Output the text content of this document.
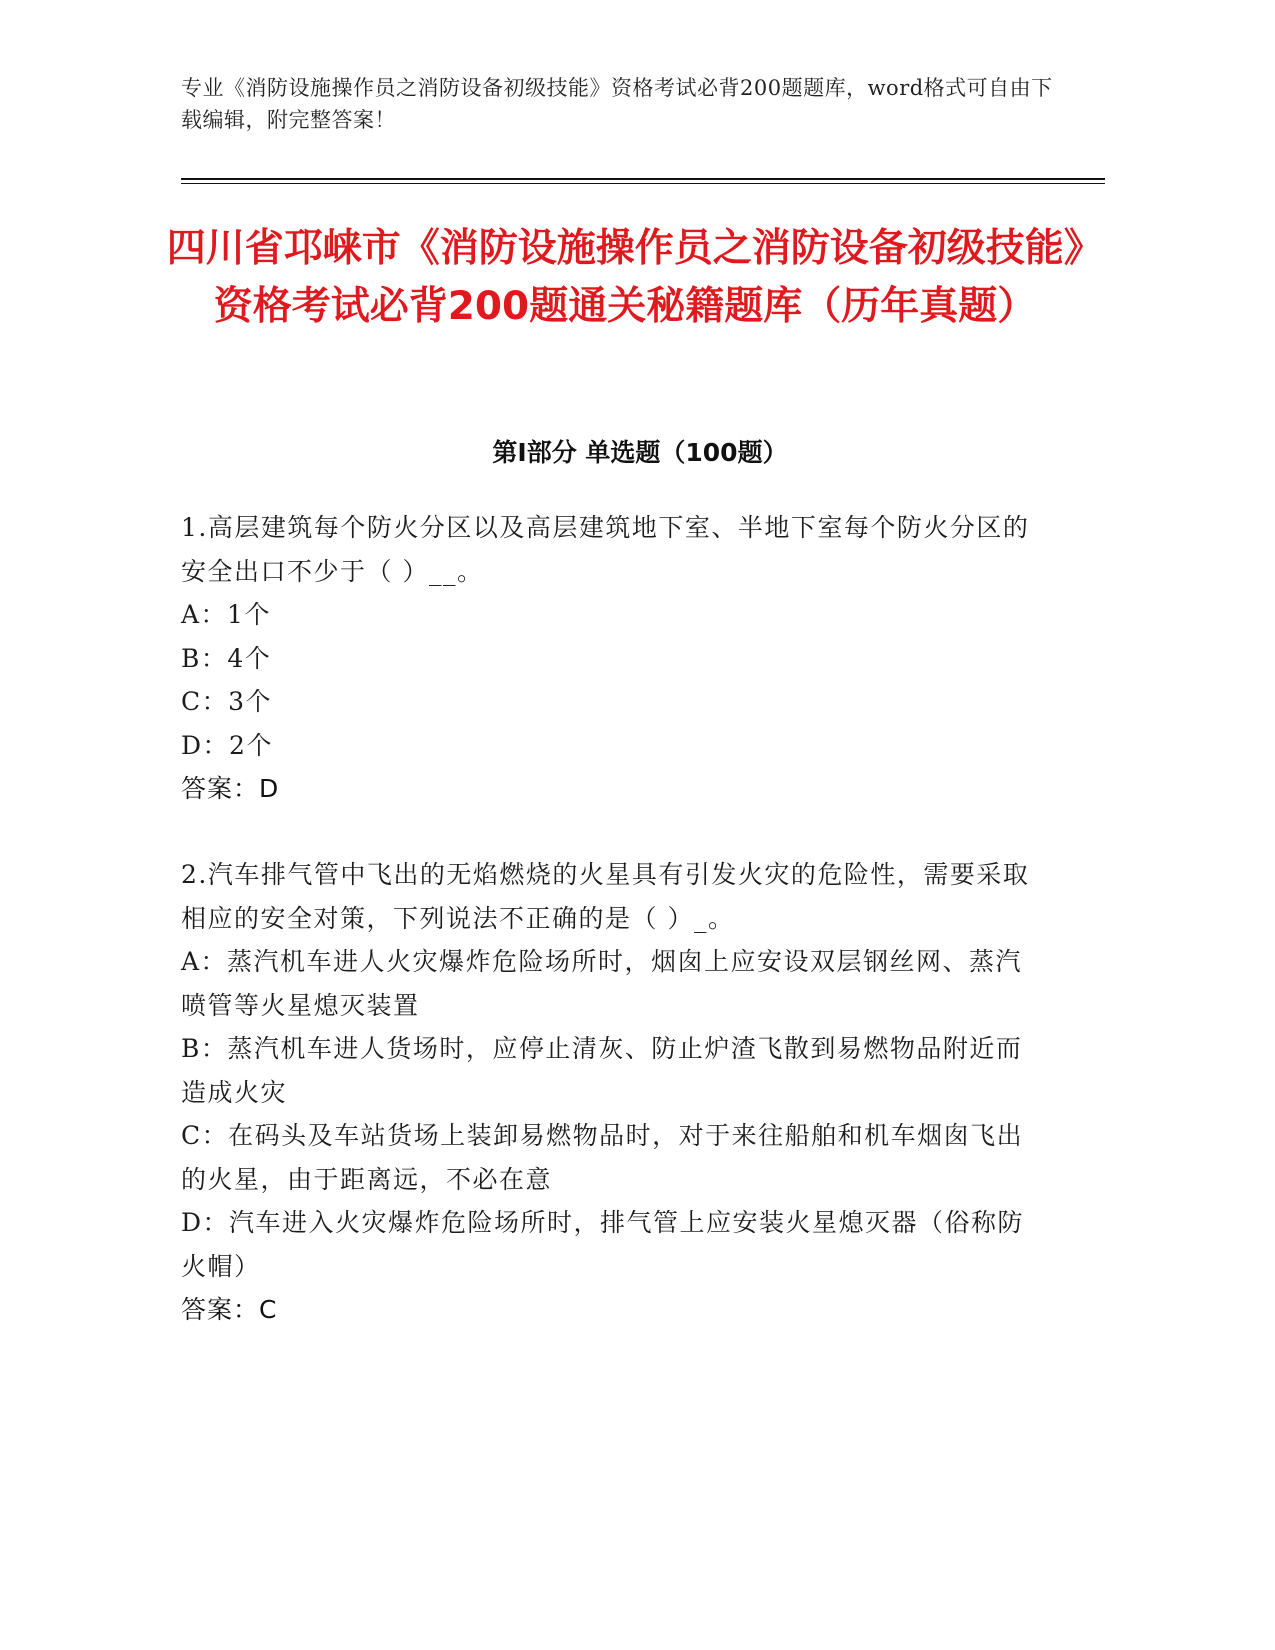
专业《消防设施操作员之消防设备初级技能》资格考试必背200题题库，word格式可自由下载编辑，附完整答案！
四川省邛崃市《消防设施操作员之消防设备初级技能》资格考试必背200题通关秘籍题库（历年真题）
第I部分 单选题（100题）

1.高层建筑每个防火分区以及高层建筑地下室、半地下室每个防火分区的安全出口不少于（ ）__。

A：1个

B：4个

C：3个

D：2个

答案：D

2.汽车排气管中飞出的无焰燃烧的火星具有引发火灾的危险性，需要采取相应的安全对策，下列说法不正确的是（ ）_。

A：蒸汽机车进人火灾爆炸危险场所时，烟囱上应安设双层钢丝网、蒸汽喷管等火星熄灭装置

B：蒸汽机车进人货场时，应停止清灰、防止炉渣飞散到易燃物品附近而造成火灾

C：在码头及车站货场上装卸易燃物品时，对于来往船舶和机车烟囱飞出的火星，由于距离远，不必在意

D：汽车进入火灾爆炸危险场所时，排气管上应安装火星熄灭器（俗称防火帽）

答案：C
